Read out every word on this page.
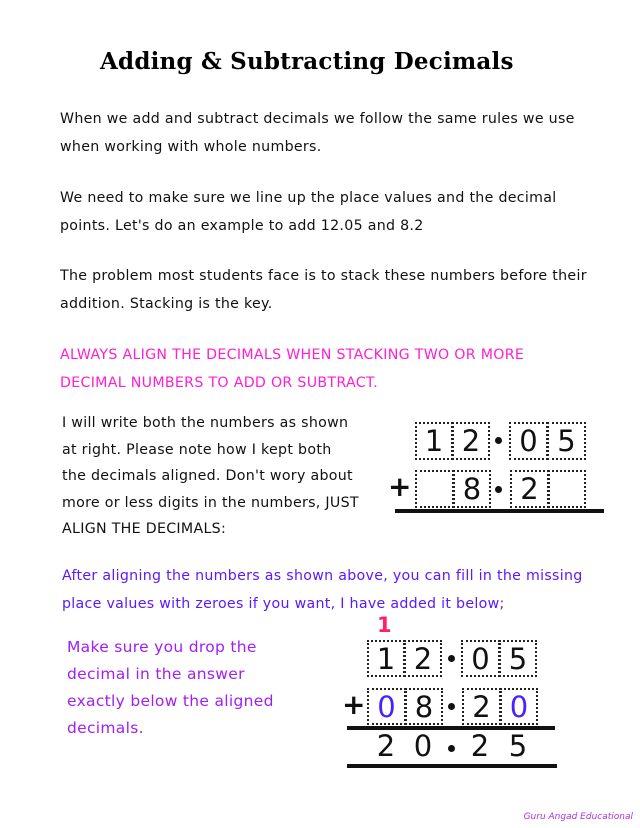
Adding & Subtracting Decimals
When we add and subtract decimals we follow the same rules we use
when working with whole numbers.
We need to make sure we line up the place values and the decimal
points. Let's do an example to add 12.05 and 8.2
The problem most students face is to stack these numbers before their
addition. Stacking is the key.
ALWAYS ALIGN THE DECIMALS WHEN STACKING TWO OR MORE
DECIMAL NUMBERS TO ADD OR SUBTRACT.
I will write both the numbers as shown
at right. Please note how I kept both
the decimals aligned. Don't wory about
more or less digits in the numbers, JUST
ALIGN THE DECIMALS:
1 2	0 5
+	8	2
After aligning the numbers as shown above, you can fill in the missing
place values with zeroes if you want, I have added it below;
Make sure you drop the
decimal in the answer
exactly below the aligned
decimals.
1
1 2	0 5
+ 0 8	2 0
2 0	2 5
Guru Angad Educational
